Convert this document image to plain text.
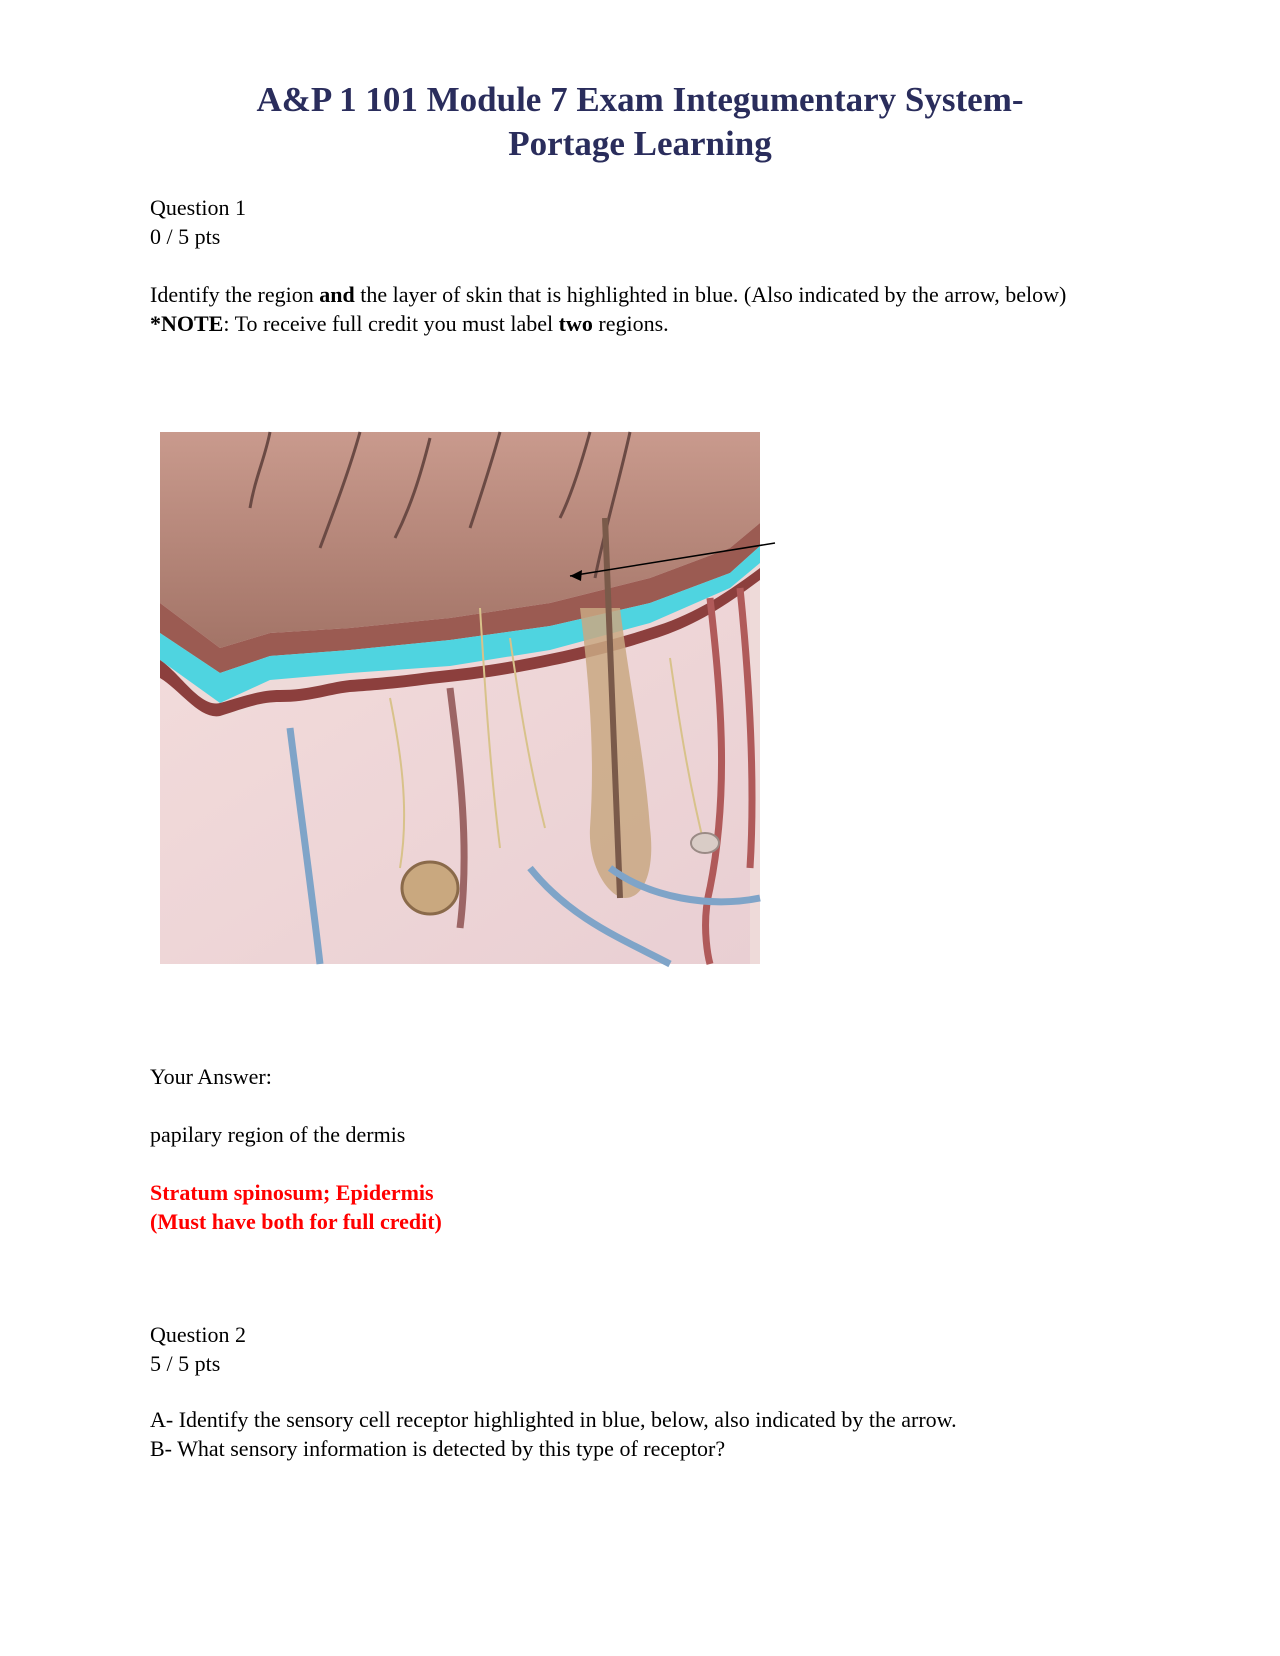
A&P 1 101 Module 7 Exam Integumentary System-
Portage Learning

Question 1

0 / 5 pts

Identify the region and the layer of skin that is highlighted in blue. (Also indicated by the arrow, below) *NOTE: To receive full credit you must label two regions.

Your Answer:
papilary region of the dermis
Stratum spinosum; Epidermis (Must have both for full credit)

Question 2

5 / 5 pts

A- Identify the sensory cell receptor highlighted in blue, below, also indicated by the arrow.

B- What sensory information is detected by this type of receptor?
